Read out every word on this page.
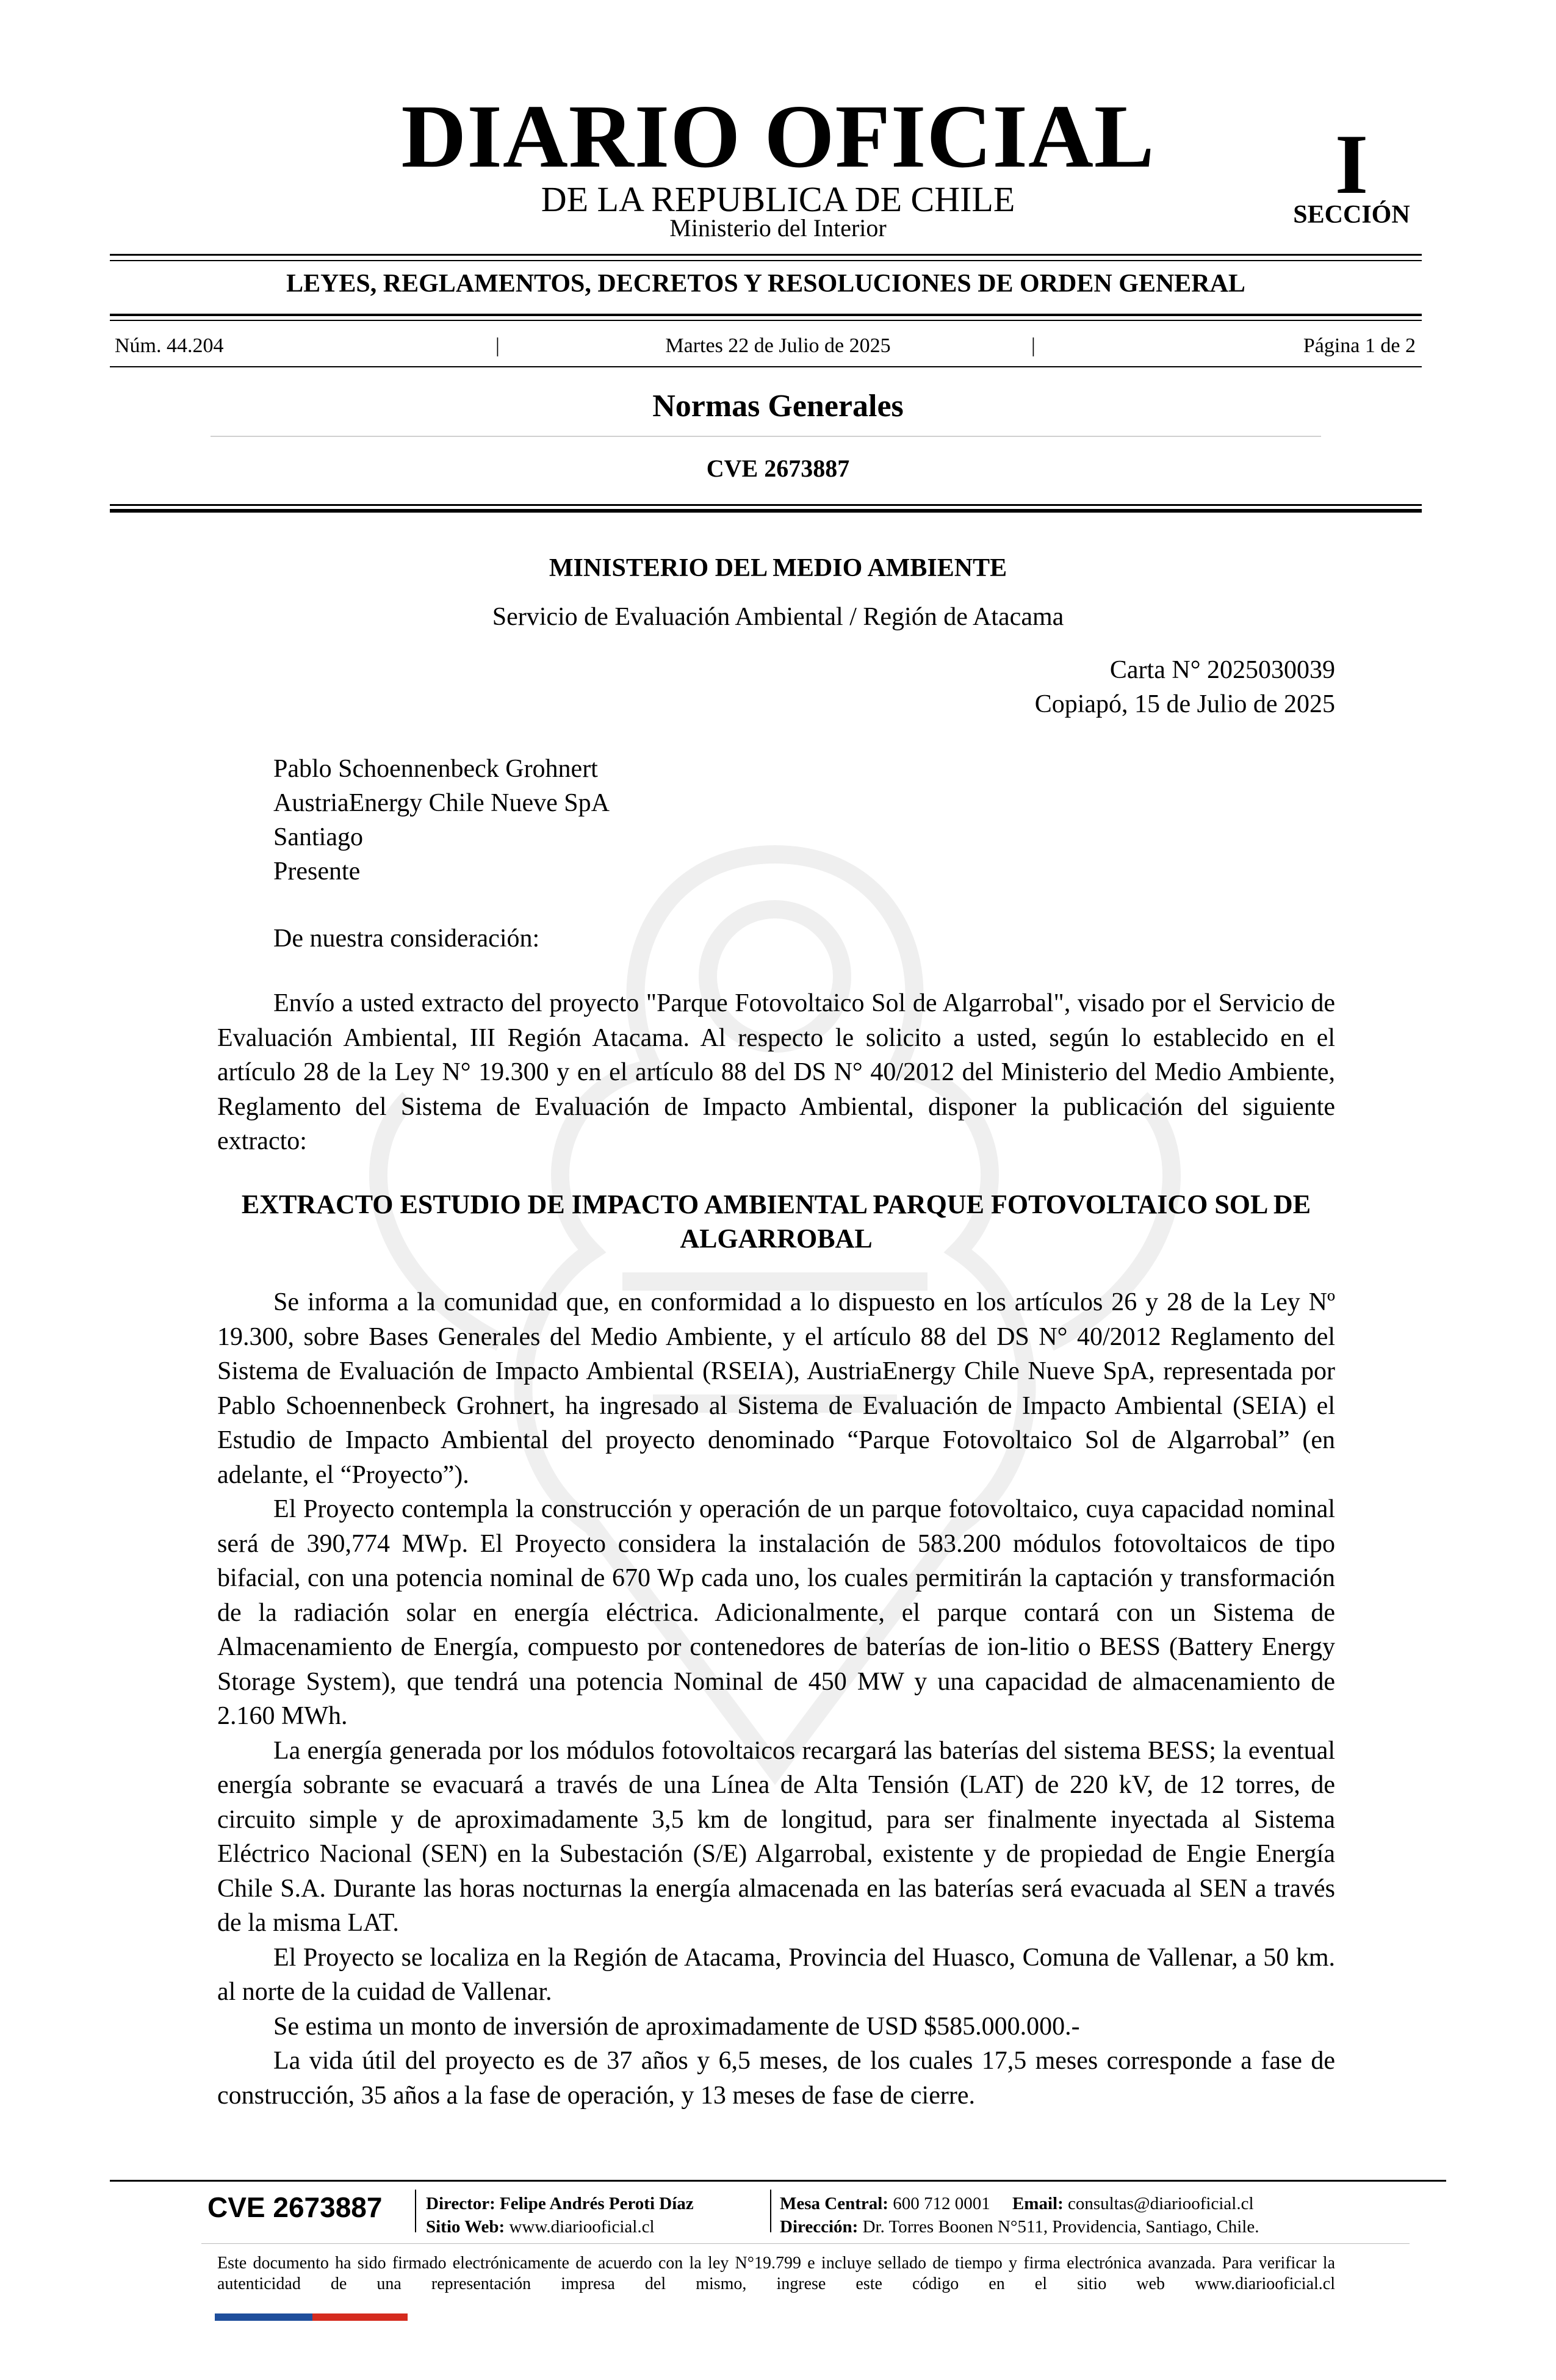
DIARIO OFICIAL
DE LA REPUBLICA DE CHILE
Ministerio del Interior
I
SECCIÓN
LEYES, REGLAMENTOS, DECRETOS Y RESOLUCIONES DE ORDEN GENERAL
Núm. 44.204	|	Martes 22 de Julio de 2025	|	Página 1 de 2
Normas Generales
CVE 2673887
MINISTERIO DEL MEDIO AMBIENTE
Servicio de Evaluación Ambiental / Región de Atacama
Carta N° 2025030039
Copiapó, 15 de Julio de 2025
Pablo Schoennenbeck Grohnert
AustriaEnergy Chile Nueve SpA
Santiago
Presente
De nuestra consideración:

Envío a usted extracto del proyecto "Parque Fotovoltaico Sol de Algarrobal", visado por el Servicio de Evaluación Ambiental, III Región Atacama. Al respecto le solicito a usted, según lo establecido en el artículo 28 de la Ley N° 19.300 y en el artículo 88 del DS N° 40/2012 del Ministerio del Medio Ambiente, Reglamento del Sistema de Evaluación de Impacto Ambiental, disponer la publicación del siguiente extracto:

EXTRACTO ESTUDIO DE IMPACTO AMBIENTAL PARQUE FOTOVOLTAICO SOL DE ALGARROBAL

Se informa a la comunidad que, en conformidad a lo dispuesto en los artículos 26 y 28 de la Ley Nº 19.300, sobre Bases Generales del Medio Ambiente, y el artículo 88 del DS N° 40/2012 Reglamento del Sistema de Evaluación de Impacto Ambiental (RSEIA), AustriaEnergy Chile Nueve SpA, representada por Pablo Schoennenbeck Grohnert, ha ingresado al Sistema de Evaluación de Impacto Ambiental (SEIA) el Estudio de Impacto Ambiental del proyecto denominado “Parque Fotovoltaico Sol de Algarrobal” (en adelante, el “Proyecto”).

El Proyecto contempla la construcción y operación de un parque fotovoltaico, cuya capacidad nominal será de 390,774 MWp. El Proyecto considera la instalación de 583.200 módulos fotovoltaicos de tipo bifacial, con una potencia nominal de 670 Wp cada uno, los cuales permitirán la captación y transformación de la radiación solar en energía eléctrica. Adicionalmente, el parque contará con un Sistema de Almacenamiento de Energía, compuesto por contenedores de baterías de ion-litio o BESS (Battery Energy Storage System), que tendrá una potencia Nominal de 450 MW y una capacidad de almacenamiento de 2.160 MWh.

La energía generada por los módulos fotovoltaicos recargará las baterías del sistema BESS; la eventual energía sobrante se evacuará a través de una Línea de Alta Tensión (LAT) de 220 kV, de 12 torres, de circuito simple y de aproximadamente 3,5 km de longitud, para ser finalmente inyectada al Sistema Eléctrico Nacional (SEN) en la Subestación (S/E) Algarrobal, existente y de propiedad de Engie Energía Chile S.A. Durante las horas nocturnas la energía almacenada en las baterías será evacuada al SEN a través de la misma LAT.

El Proyecto se localiza en la Región de Atacama, Provincia del Huasco, Comuna de Vallenar, a 50 km. al norte de la cuidad de Vallenar.

Se estima un monto de inversión de aproximadamente de USD $585.000.000.-

La vida útil del proyecto es de 37 años y 6,5 meses, de los cuales 17,5 meses corresponde a fase de construcción, 35 años a la fase de operación, y 13 meses de fase de cierre.

CVE 2673887 Director: Felipe Andrés Peroti Díaz
Sitio Web: www.diariooficial.cl
Mesa Central: 600 712 0001 Email: consultas@diariooficial.cl
Dirección: Dr. Torres Boonen N°511, Providencia, Santiago, Chile.
Este documento ha sido firmado electrónicamente de acuerdo con la ley N°19.799 e incluye sellado de tiempo y firma electrónica avanzada. Para verificar la autenticidad de una representación impresa del mismo, ingrese este código en el sitio web www.diariooficial.cl
